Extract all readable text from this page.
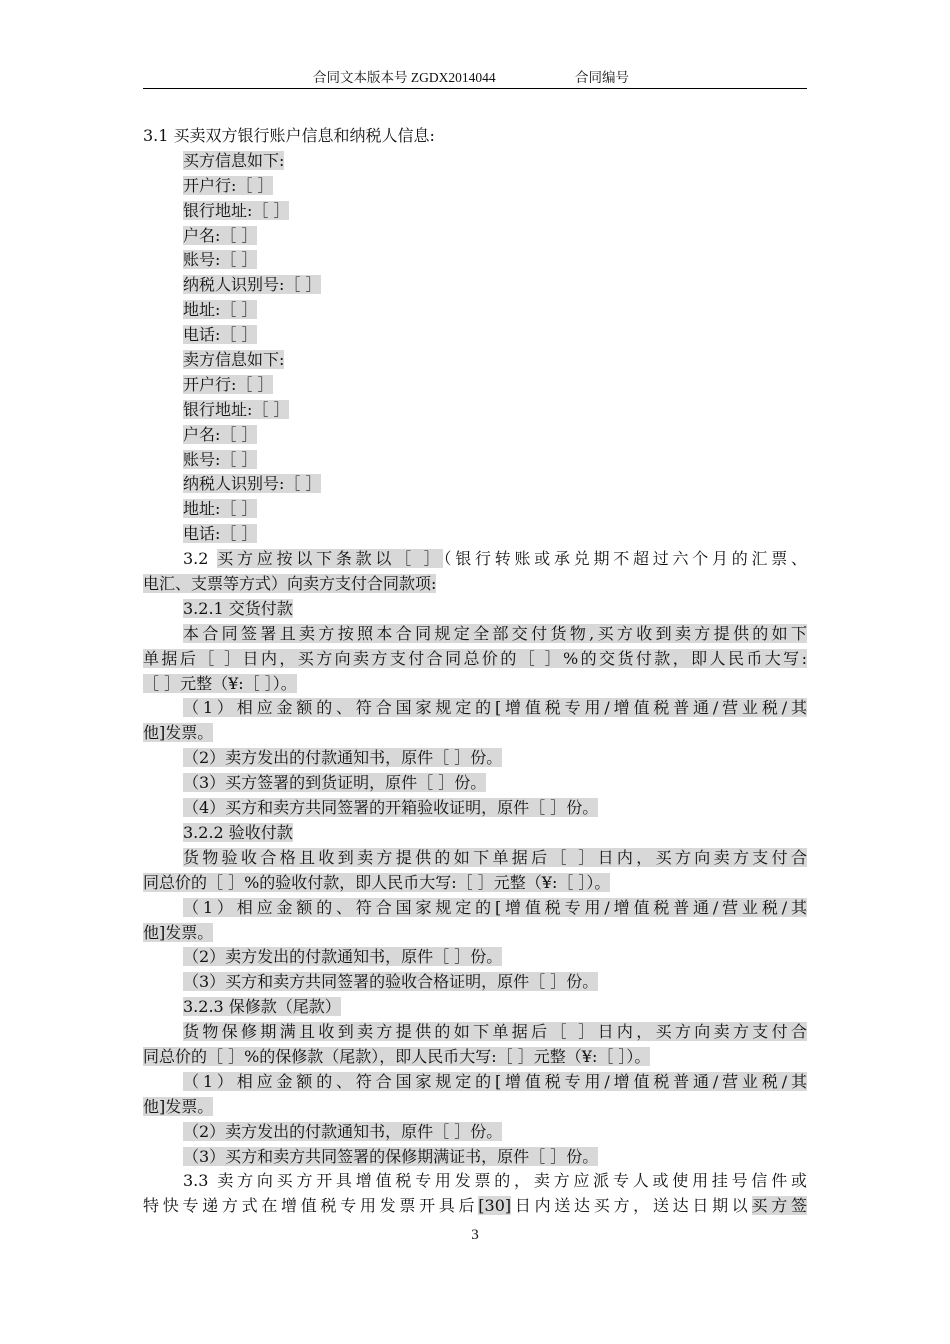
合同文本版本号 ZGDX2014044	合同编号
3.1 买卖双方银行账户信息和纳税人信息:
买方信息如下:
开户行:［ ］
银行地址:［ ］
户名:［ ］
账号:［ ］
纳税人识别号:［ ］
地址:［ ］
电话:［ ］
卖方信息如下:
开户行:［ ］
银行地址:［ ］
户名:［ ］
账号:［ ］
纳税人识别号:［ ］
地址:［ ］
电话:［ ］
3.2 买方应按以下条款以［ ］（银行转账或承兑期不超过六个月的汇票、
电汇、支票等方式）向卖方支付合同款项:
3.2.1 交货付款
本合同签署且卖方按照本合同规定全部交付货物,买方收到卖方提供的如下
单据后［ ］日内，买方向卖方支付合同总价的［ ］%的交货付款，即人民币大写:
［ ］元整（¥:［ ］）。
（1）相应金额的、符合国家规定的[增值税专用/增值税普通/营业税/其
他]发票。
（2）卖方发出的付款通知书，原件［ ］份。
（3）买方签署的到货证明，原件［ ］份。
（4）买方和卖方共同签署的开箱验收证明，原件［ ］份。
3.2.2 验收付款
货物验收合格且收到卖方提供的如下单据后［ ］日内，买方向卖方支付合
同总价的［ ］%的验收付款，即人民币大写:［ ］元整（¥:［ ］）。
（1）相应金额的、符合国家规定的[增值税专用/增值税普通/营业税/其
他]发票。
（2）卖方发出的付款通知书，原件［ ］份。
（3）买方和卖方共同签署的验收合格证明，原件［ ］份。
3.2.3 保修款（尾款）
货物保修期满且收到卖方提供的如下单据后［ ］日内，买方向卖方支付合
同总价的［ ］%的保修款（尾款），即人民币大写:［ ］元整（¥:［ ］）。
（1）相应金额的、符合国家规定的[增值税专用/增值税普通/营业税/其
他]发票。
（2）卖方发出的付款通知书，原件［ ］份。
（3）买方和卖方共同签署的保修期满证书，原件［ ］份。
3.3 卖方向买方开具增值税专用发票的，卖方应派专人或使用挂号信件或
特快专递方式在增值税专用发票开具后[30]日内送达买方，送达日期以买方签
3
